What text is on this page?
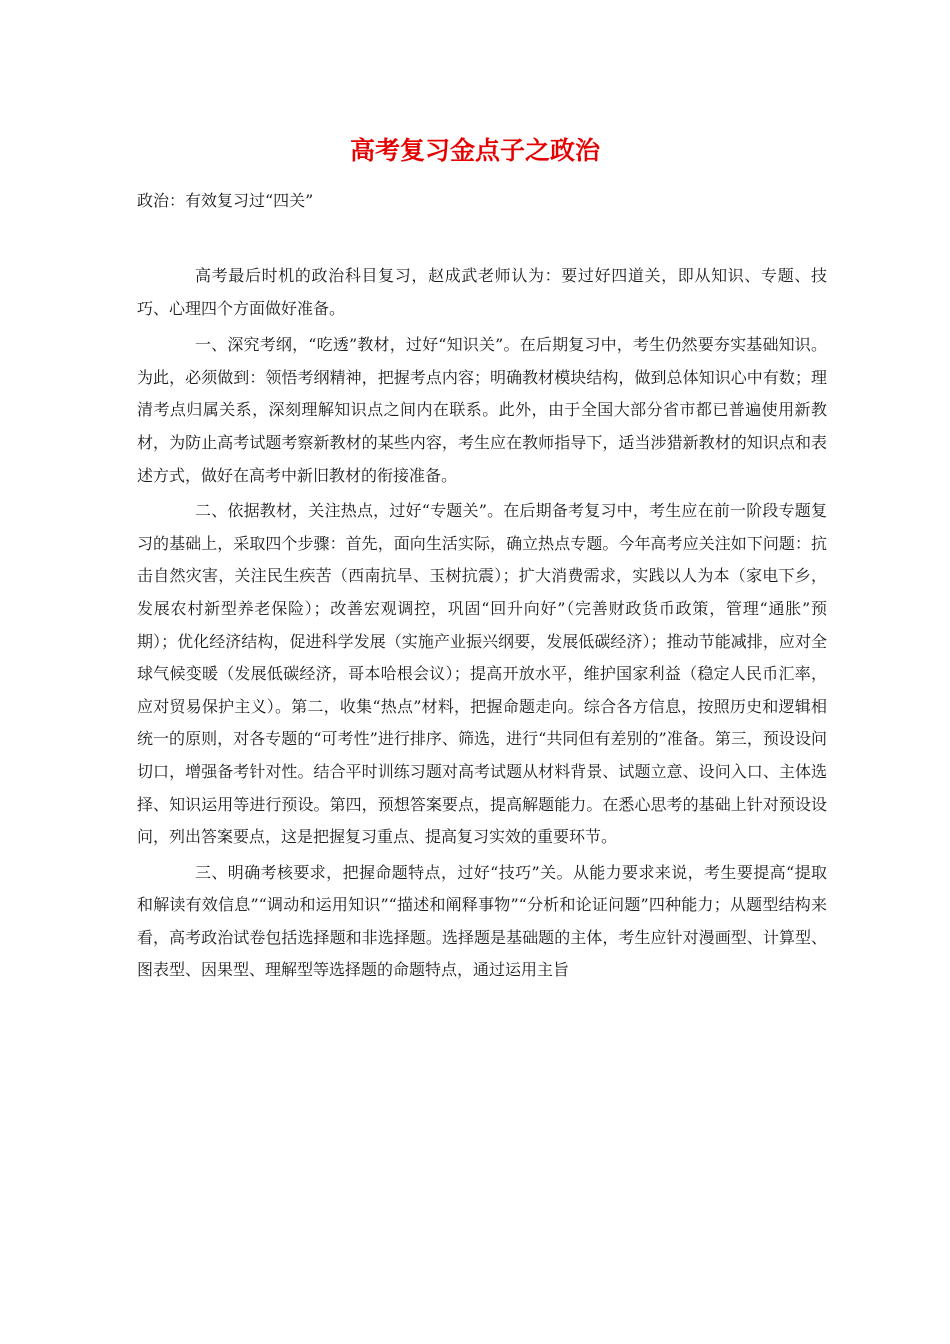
高考复习金点子之政治

政治：有效复习过“四关”

高考最后时机的政治科目复习，赵成武老师认为：要过好四道关，即从知识、专题、技巧、心理四个方面做好准备。

一、深究考纲，“吃透”教材，过好“知识关”。在后期复习中，考生仍然要夯实基础知识。为此，必须做到：领悟考纲精神，把握考点内容；明确教材模块结构，做到总体知识心中有数；理清考点归属关系，深刻理解知识点之间内在联系。此外，由于全国大部分省市都已普遍使用新教材，为防止高考试题考察新教材的某些内容，考生应在教师指导下，适当涉猎新教材的知识点和表述方式，做好在高考中新旧教材的衔接准备。

二、依据教材，关注热点，过好“专题关”。在后期备考复习中，考生应在前一阶段专题复习的基础上，采取四个步骤：首先，面向生活实际，确立热点专题。今年高考应关注如下问题：抗击自然灾害，关注民生疾苦（西南抗旱、玉树抗震）；扩大消费需求，实践以人为本（家电下乡，发展农村新型养老保险）；改善宏观调控，巩固“回升向好”（完善财政货币政策，管理“通胀”预期）；优化经济结构，促进科学发展（实施产业振兴纲要，发展低碳经济）；推动节能减排，应对全球气候变暖（发展低碳经济，哥本哈根会议）；提高开放水平，维护国家利益（稳定人民币汇率，应对贸易保护主义）。第二，收集“热点”材料，把握命题走向。综合各方信息，按照历史和逻辑相统一的原则，对各专题的“可考性”进行排序、筛选，进行“共同但有差别的”准备。第三，预设设问切口，增强备考针对性。结合平时训练习题对高考试题从材料背景、试题立意、设问入口、主体选择、知识运用等进行预设。第四，预想答案要点，提高解题能力。在悉心思考的基础上针对预设设问，列出答案要点，这是把握复习重点、提高复习实效的重要环节。

三、明确考核要求，把握命题特点，过好“技巧”关。从能力要求来说，考生要提高“提取和解读有效信息”“调动和运用知识”“描述和阐释事物”“分析和论证问题”四种能力；从题型结构来看，高考政治试卷包括选择题和非选择题。选择题是基础题的主体，考生应针对漫画型、计算型、图表型、因果型、理解型等选择题的命题特点，通过运用主旨
